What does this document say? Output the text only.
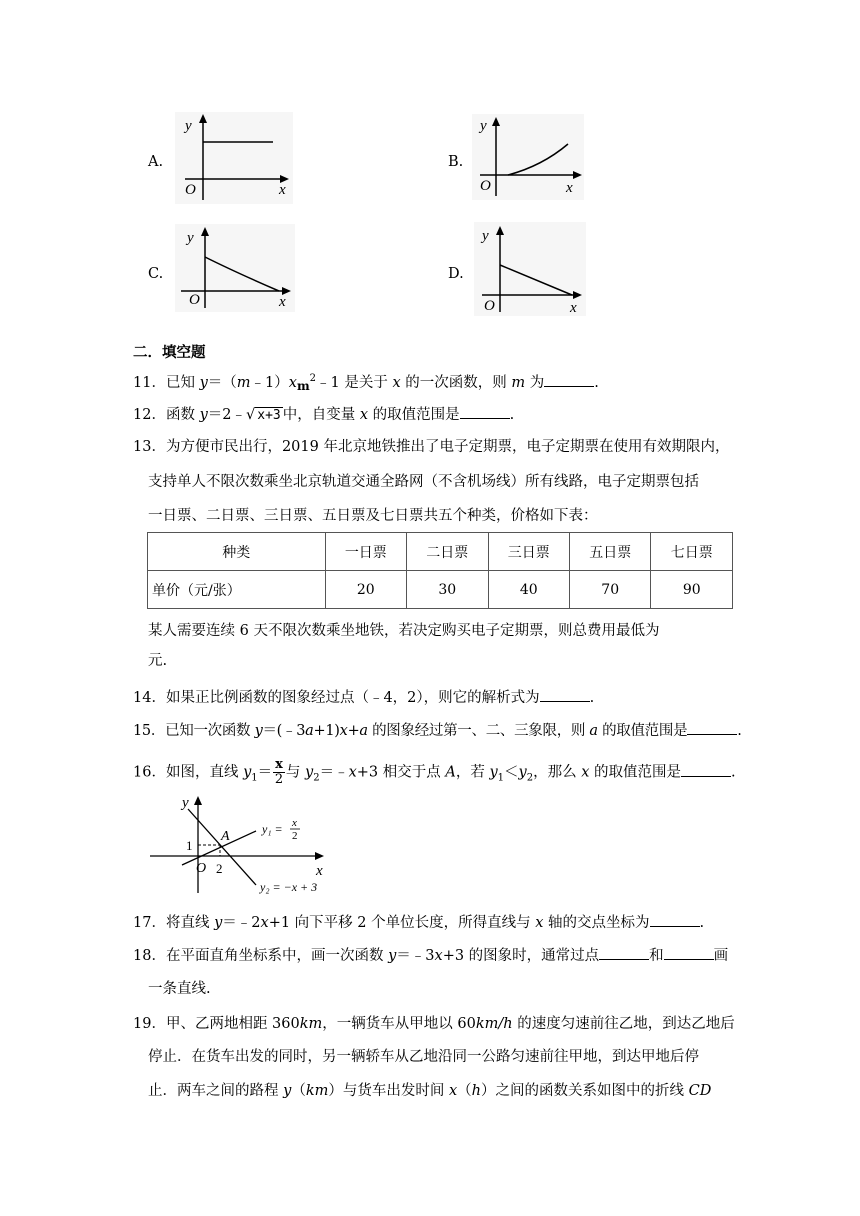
A.
y
O	x
B.
y
O	x
C.
y
O	x
D.
y
O	x
二．填空题
11．已知 $y=(m﹣1)x_m^2﹣1$ 是关于 x 的一次函数，则 m 为	.
12．函数 y＝2﹣√ x+3 中，自变量 x 的取值范围是	.
13．为方便市民出行，2019 年北京地铁推出了电子定期票，电子定期票在使用有效期限内，
支持单人不限次数乘坐北京轨道交通全路网（不含机场线）所有线路，电子定期票包括
一日票、二日票、三日票、五日票及七日票共五个种类，价格如下表：
种类	一日票	二日票	三日票	五日票	七日票
单价（元/张）	20	30	40	70	90
某人需要连续 6 天不限次数乘坐地铁，若决定购买电子定期票，则总费用最低为
元.
14．如果正比例函数的图象经过点（﹣4，2），则它的解析式为	.
15．已知一次函数 y＝(﹣3a+1)x+a 的图象经过第一、二、三象限，则 a 的取值范围是	.
16．如图，直线 $y_1= \frac{x}{2}$ 与 $y_2=﹣x+3$ 相交于点 A，若 $y_1<y_2$，那么 x 的取值范围是	.
y
x
O
A
1
2
y₁ = x
2
y₂ = −x + 3
17．将直线 y＝﹣2x+1 向下平移 2 个单位长度，所得直线与 x 轴的交点坐标为	.
18．在平面直角坐标系中，画一次函数 y＝﹣3x+3 的图象时，通常过点	和	画
一条直线.
19．甲、乙两地相距 360km，一辆货车从甲地以 60km/h 的速度匀速前往乙地，到达乙地后
停止．在货车出发的同时，另一辆轿车从乙地沿同一公路匀速前往甲地，到达甲地后停
止．两车之间的路程 y（km）与货车出发时间 x（h）之间的函数关系如图中的折线 CD
